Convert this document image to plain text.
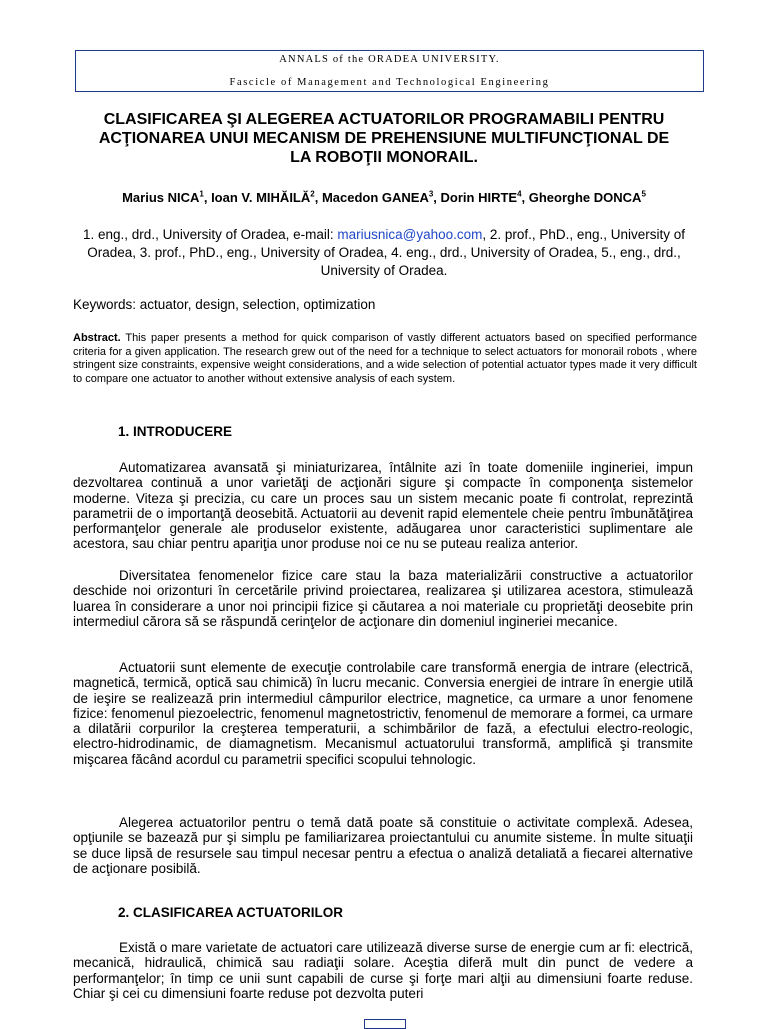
ANNALS of the ORADEA UNIVERSITY.
Fascicle of Management and Technological Engineering
CLASIFICAREA ŞI ALEGEREA ACTUATORILOR PROGRAMABILI PENTRU ACŢIONAREA UNUI MECANISM DE PREHENSIUNE MULTIFUNCŢIONAL DE LA ROBOŢII MONORAIL.
Marius NICA$^1$, Ioan V. MIHĂILĂ$^2$, Macedon GANEA$^3$, Dorin HIRTE$^4$, Gheorghe DONCA$^5$
1. eng., drd., University of Oradea, e-mail: mariusnica@yahoo.com, 2. prof., PhD., eng., University of Oradea, 3. prof., PhD., eng., University of Oradea, 4. eng., drd., University of Oradea, 5., eng., drd., University of Oradea.
Keywords: actuator, design, selection, optimization
Abstract. This paper presents a method for quick comparison of vastly different actuators based on specified performance criteria for a given application. The research grew out of the need for a technique to select actuators for monorail robots , where stringent size constraints, expensive weight considerations, and a wide selection of potential actuator types made it very difficult to compare one actuator to another without extensive analysis of each system.
1. INTRODUCERE
Automatizarea avansată şi miniaturizarea, întâlnite azi în toate domeniile ingineriei, impun dezvoltarea continuă a unor varietăţi de acţionări sigure şi compacte în componenţa sistemelor moderne. Viteza şi precizia, cu care un proces sau un sistem mecanic poate fi controlat, reprezintă parametrii de o importanţă deosebită. Actuatorii au devenit rapid elementele cheie pentru îmbunătăţirea performanţelor generale ale produselor existente, adăugarea unor caracteristici suplimentare ale acestora, sau chiar pentru apariţia unor produse noi ce nu se puteau realiza anterior.
Diversitatea fenomenelor fizice care stau la baza materializării constructive a actuatorilor deschide noi orizonturi în cercetările privind proiectarea, realizarea şi utilizarea acestora, stimulează luarea în considerare a unor noi principii fizice şi căutarea a noi materiale cu proprietăţi deosebite prin intermediul cărora să se răspundă cerinţelor de acţionare din domeniul ingineriei mecanice.
Actuatorii sunt elemente de execuţie controlabile care transformă energia de intrare (electrică, magnetică, termică, optică sau chimică) în lucru mecanic. Conversia energiei de intrare în energie utilă de ieşire se realizează prin intermediul câmpurilor electrice, magnetice, ca urmare a unor fenomene fizice: fenomenul piezoelectric, fenomenul magnetostrictiv, fenomenul de memorare a formei, ca urmare a dilatării corpurilor la creşterea temperaturii, a schimbărilor de fază, a efectului electro-reologic, electro-hidrodinamic, de diamagnetism. Mecanismul actuatorului transformă, amplifică şi transmite mişcarea făcând acordul cu parametrii specifici scopului tehnologic.
Alegerea actuatorilor pentru o temă dată poate să constituie o activitate complexă. Adesea, opţiunile se bazează pur şi simplu pe familiarizarea proiectantului cu anumite sisteme. În multe situaţii se duce lipsă de resursele sau timpul necesar pentru a efectua o analiză detaliată a fiecarei alternative de acţionare posibilă.
2. CLASIFICAREA ACTUATORILOR
Există o mare varietate de actuatori care utilizează diverse surse de energie cum ar fi: electrică, mecanică, hidraulică, chimică sau radiaţii solare. Aceştia diferă mult din punct de vedere a performanţelor; în timp ce unii sunt capabili de curse şi forţe mari alţii au dimensiuni foarte reduse. Chiar şi cei cu dimensiuni foarte reduse pot dezvolta puteri
